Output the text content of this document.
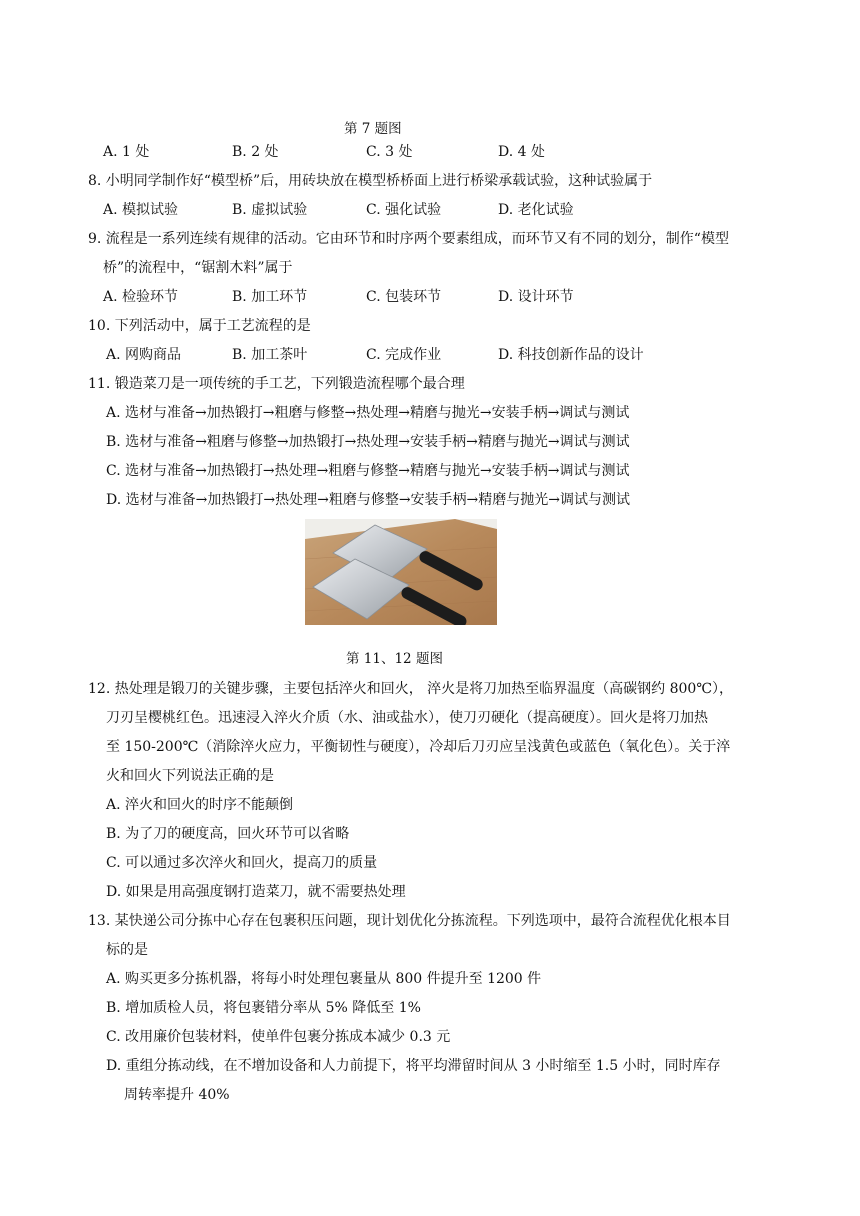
第 7 题图
A. 1 处	B. 2 处	C. 3 处	D. 4 处
8. 小明同学制作好“模型桥”后，用砖块放在模型桥桥面上进行桥梁承载试验，这种试验属于
A. 模拟试验	B. 虚拟试验	C. 强化试验	D. 老化试验
9. 流程是一系列连续有规律的活动。它由环节和时序两个要素组成，而环节又有不同的划分，制作“模型
桥”的流程中，“锯割木料”属于
A. 检验环节	B. 加工环节	C. 包装环节	D. 设计环节
10. 下列活动中，属于工艺流程的是
A. 网购商品	B. 加工茶叶	C. 完成作业	D. 科技创新作品的设计
11. 锻造菜刀是一项传统的手工艺，下列锻造流程哪个最合理
A. 选材与准备→加热锻打→粗磨与修整→热处理→精磨与抛光→安装手柄→调试与测试
B. 选材与准备→粗磨与修整→加热锻打→热处理→安装手柄→精磨与抛光→调试与测试
C. 选材与准备→加热锻打→热处理→粗磨与修整→精磨与抛光→安装手柄→调试与测试
D. 选材与准备→加热锻打→热处理→粗磨与修整→安装手柄→精磨与抛光→调试与测试
第 11、12 题图
12. 热处理是锻刀的关键步骤，主要包括淬火和回火， 淬火是将刀加热至临界温度（高碳钢约 800℃），
刀刃呈樱桃红色。迅速浸入淬火介质（水、油或盐水），使刀刃硬化（提高硬度）。回火是将刀加热
至 150-200℃（消除淬火应力，平衡韧性与硬度），冷却后刀刃应呈浅黄色或蓝色（氧化色）。关于淬
火和回火下列说法正确的是
A. 淬火和回火的时序不能颠倒
B. 为了刀的硬度高，回火环节可以省略
C. 可以通过多次淬火和回火，提高刀的质量
D. 如果是用高强度钢打造菜刀，就不需要热处理
13. 某快递公司分拣中心存在包裹积压问题，现计划优化分拣流程。下列选项中，最符合流程优化根本目
标的是
A. 购买更多分拣机器，将每小时处理包裹量从 800 件提升至 1200 件
B. 增加质检人员，将包裹错分率从 5% 降低至 1%
C. 改用廉价包装材料，使单件包裹分拣成本减少 0.3 元
D. 重组分拣动线，在不增加设备和人力前提下，将平均滞留时间从 3 小时缩至 1.5 小时，同时库存
周转率提升 40%
